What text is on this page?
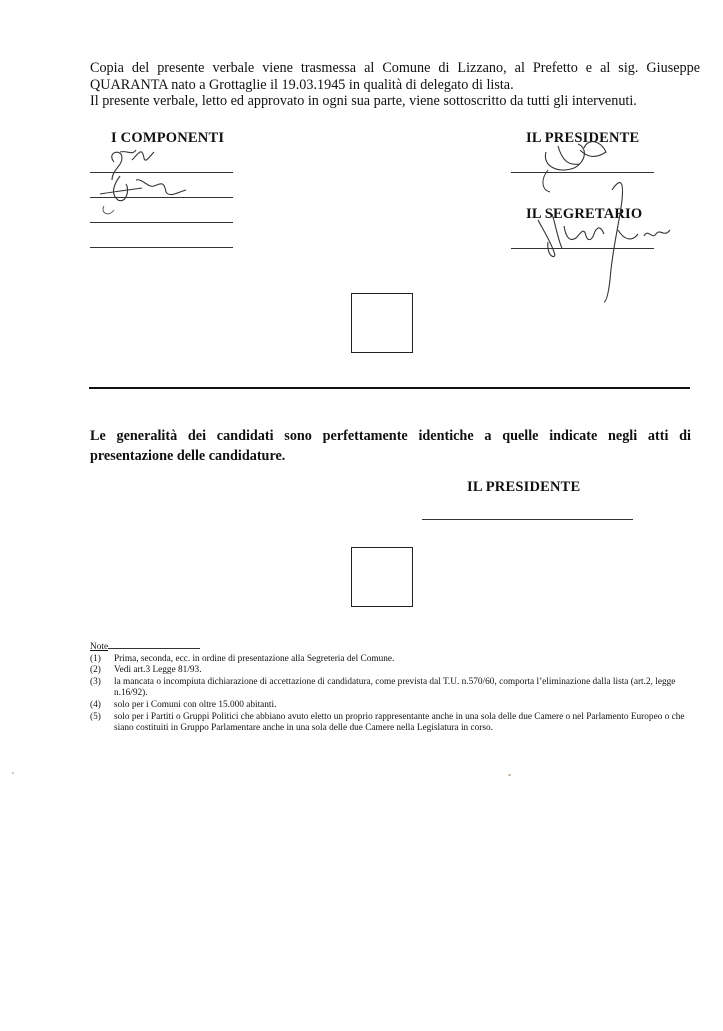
Copia del presente verbale viene trasmessa al Comune di Lizzano, al Prefetto e al sig. Giuseppe
QUARANTA nato a Grottaglie il 19.03.1945 in qualità di delegato di lista.
Il presente verbale, letto ed approvato in ogni sua parte, viene sottoscritto da tutti gli intervenuti.
I COMPONENTI	IL PRESIDENTE
IL SEGRETARIO

Le generalità dei candidati sono perfettamente identiche a quelle indicate negli atti di presentazione delle candidature.

IL PRESIDENTE
Note
(1)	Prima, seconda, ecc. in ordine di presentazione alla Segreteria del Comune.
(2)	Vedi art.3 Legge 81/93.
(3)	la mancata o incompiuta dichiarazione di accettazione di candidatura, come prevista dal T.U. n.570/60, comporta l’eliminazione dalla lista (art.2, legge n.16/92).
(4)	solo per i Comuni con oltre 15.000 abitanti.
(5)	solo per i Partiti o Gruppi Politici che abbiano avuto eletto un proprio rappresentante anche in una sola delle due Camere o nel Parlamento Europeo o che siano costituiti in Gruppo Parlamentare anche in una sola delle due Camere nella Legislatura in corso.
